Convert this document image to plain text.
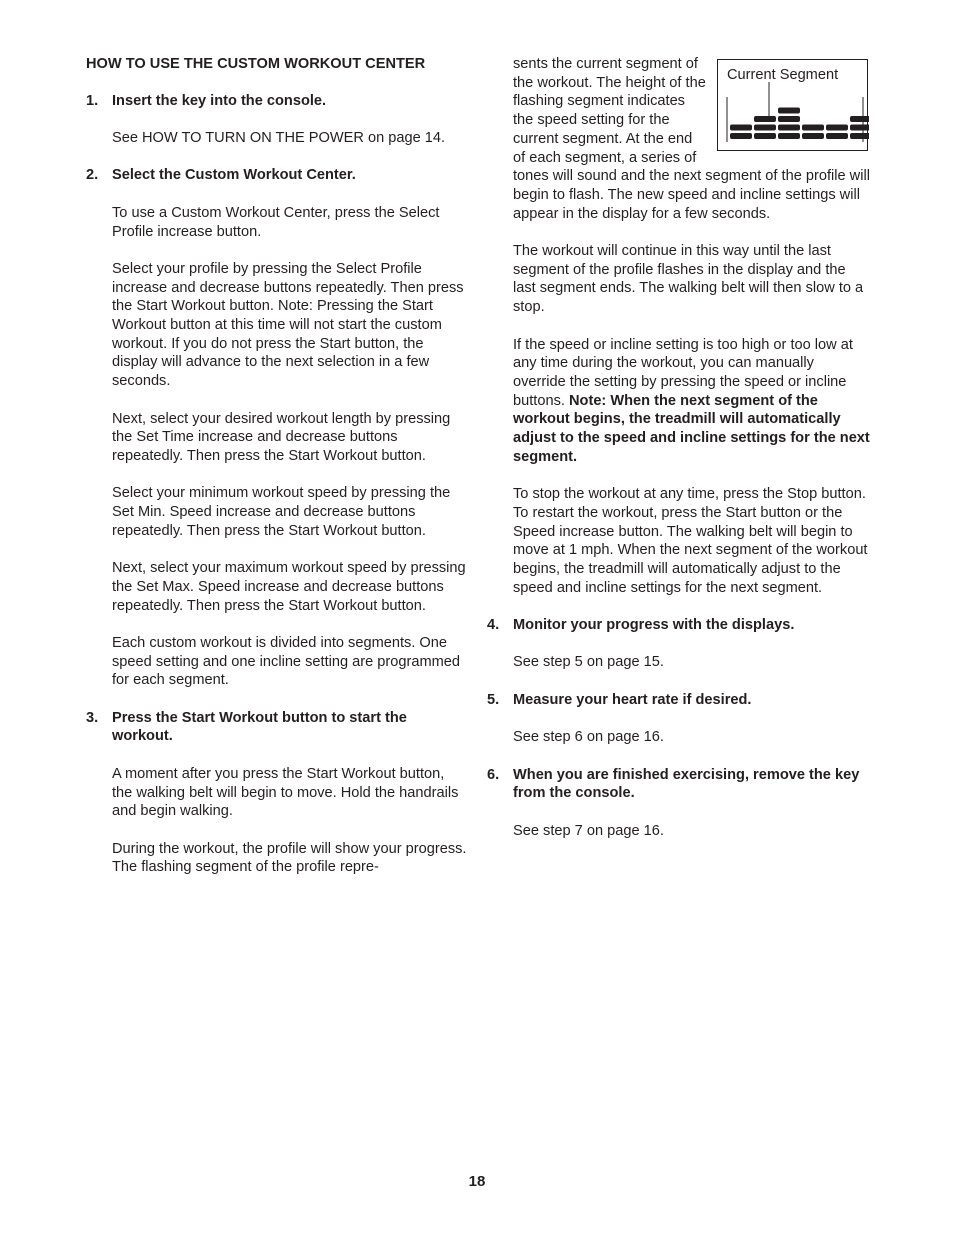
HOW TO USE THE CUSTOM WORKOUT CENTER
1. Insert the key into the console.

See HOW TO TURN ON THE POWER on page 14.

2. Select the Custom Workout Center.

To use a Custom Workout Center, press the Select Profile increase button.

Select your profile by pressing the Select Profile increase and decrease buttons repeatedly. Then press the Start Workout button. Note: Pressing the Start Workout button at this time will not start the custom workout. If you do not press the Start button, the display will advance to the next selection in a few seconds.

Next, select your desired workout length by pressing the Set Time increase and decrease buttons repeatedly. Then press the Start Workout button.

Select your minimum workout speed by pressing the Set Min. Speed increase and decrease buttons repeatedly. Then press the Start Workout button.

Next, select your maximum workout speed by pressing the Set Max. Speed increase and decrease buttons repeatedly. Then press the Start Workout button.

Each custom workout is divided into segments. One speed setting and one incline setting are programmed for each segment.

3. Press the Start Workout button to start the workout.

A moment after you press the Start Workout button, the walking belt will begin to move. Hold the handrails and begin walking.

During the workout, the profile will show your progress. The flashing segment of the profile repre-

Current Segment
sents the current segment of the workout. The height of the flashing segment indicates the speed setting for the current segment. At the end of each segment, a series of tones will sound and the next segment of the profile will begin to flash. The new speed and incline settings will appear in the display for a few seconds.

The workout will continue in this way until the last segment of the profile flashes in the display and the last segment ends. The walking belt will then slow to a stop.

If the speed or incline setting is too high or too low at any time during the workout, you can manually override the setting by pressing the speed or incline buttons. Note: When the next segment of the workout begins, the treadmill will automatically adjust to the speed and incline settings for the next segment.

To stop the workout at any time, press the Stop button. To restart the workout, press the Start button or the Speed increase button. The walking belt will begin to move at 1 mph. When the next segment of the workout begins, the treadmill will automatically adjust to the speed and incline settings for the next segment.

4. Monitor your progress with the displays.

See step 5 on page 15.

5. Measure your heart rate if desired.

See step 6 on page 16.

6. When you are finished exercising, remove the key from the console.

See step 7 on page 16.

18
